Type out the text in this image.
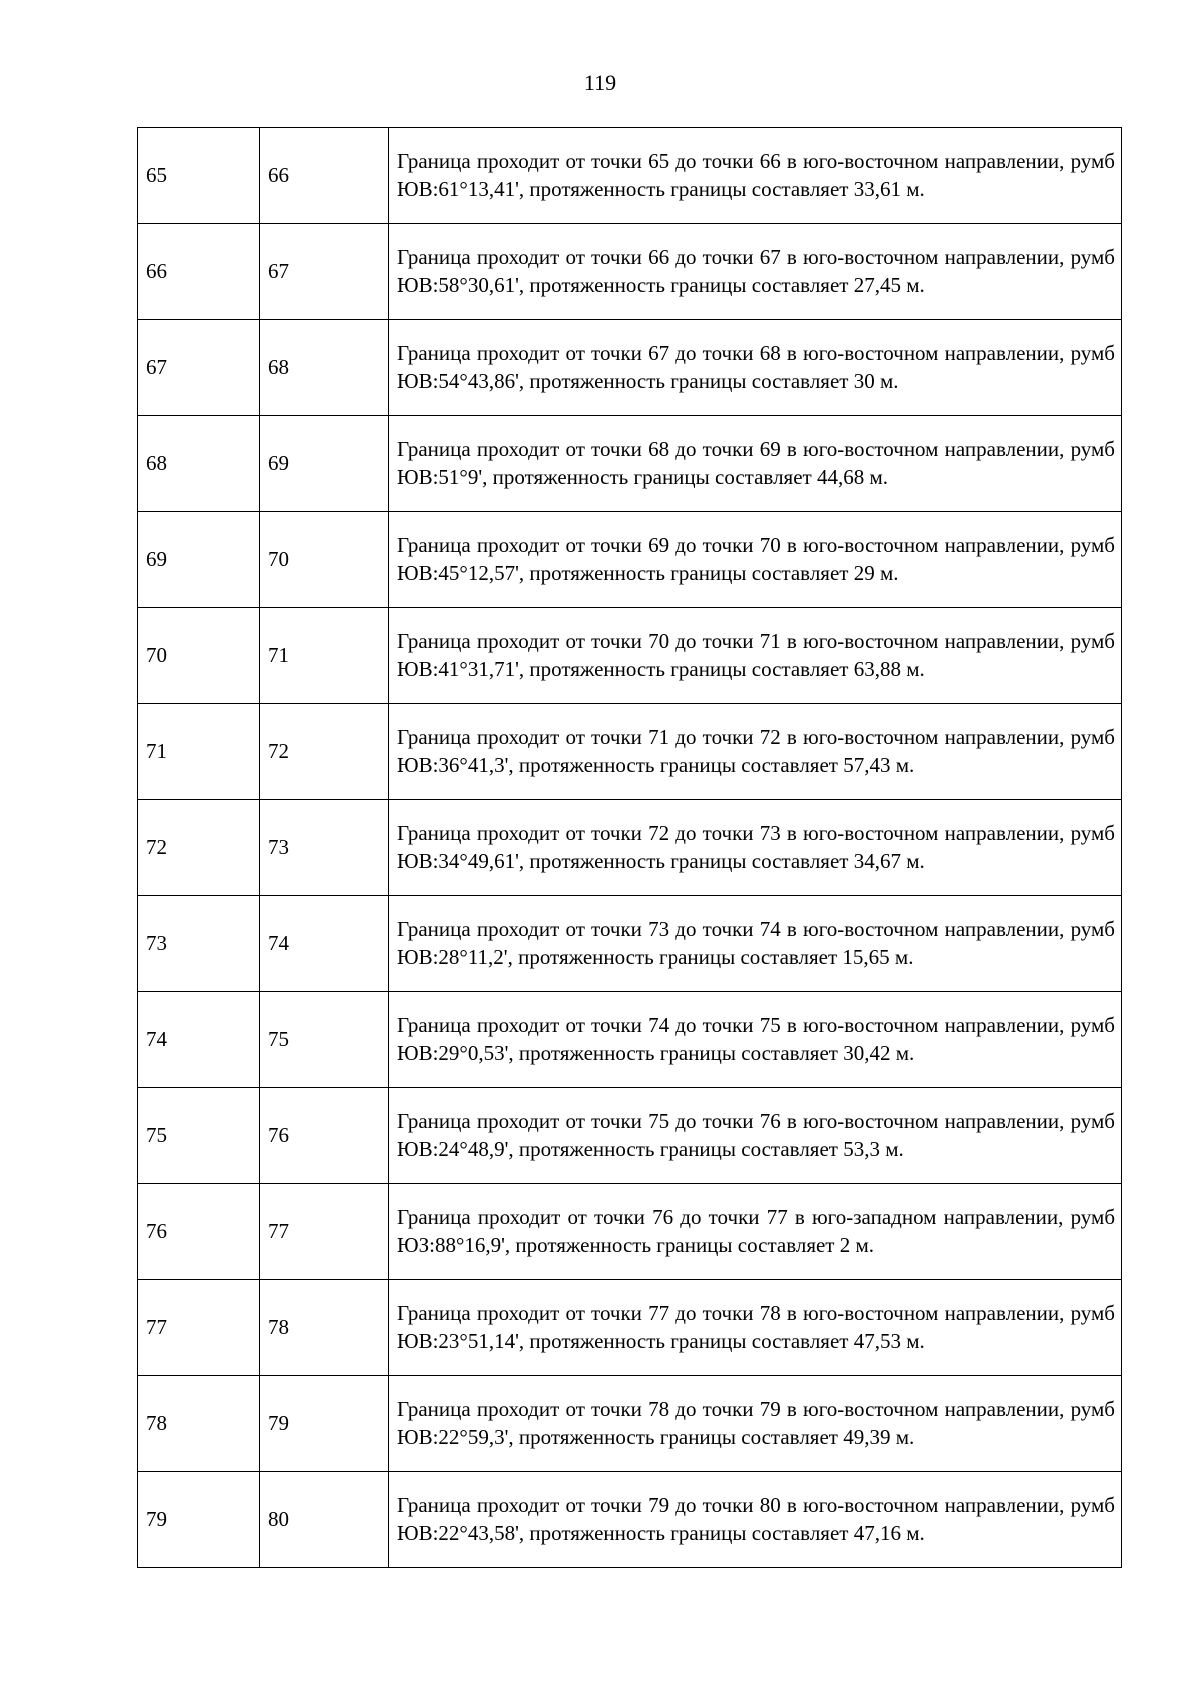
119
65	66	Граница проходит от точки 65 до точки 66 в юго-восточном направлении, румб ЮВ:61°13,41', протяженность границы составляет 33,61 м.
66	67	Граница проходит от точки 66 до точки 67 в юго-восточном направлении, румб ЮВ:58°30,61', протяженность границы составляет 27,45 м.
67	68	Граница проходит от точки 67 до точки 68 в юго-восточном направлении, румб ЮВ:54°43,86', протяженность границы составляет 30 м.
68	69	Граница проходит от точки 68 до точки 69 в юго-восточном направлении, румб ЮВ:51°9', протяженность границы составляет 44,68 м.
69	70	Граница проходит от точки 69 до точки 70 в юго-восточном направлении, румб ЮВ:45°12,57', протяженность границы составляет 29 м.
70	71	Граница проходит от точки 70 до точки 71 в юго-восточном направлении, румб ЮВ:41°31,71', протяженность границы составляет 63,88 м.
71	72	Граница проходит от точки 71 до точки 72 в юго-восточном направлении, румб ЮВ:36°41,3', протяженность границы составляет 57,43 м.
72	73	Граница проходит от точки 72 до точки 73 в юго-восточном направлении, румб ЮВ:34°49,61', протяженность границы составляет 34,67 м.
73	74	Граница проходит от точки 73 до точки 74 в юго-восточном направлении, румб ЮВ:28°11,2', протяженность границы составляет 15,65 м.
74	75	Граница проходит от точки 74 до точки 75 в юго-восточном направлении, румб ЮВ:29°0,53', протяженность границы составляет 30,42 м.
75	76	Граница проходит от точки 75 до точки 76 в юго-восточном направлении, румб ЮВ:24°48,9', протяженность границы составляет 53,3 м.
76	77	Граница проходит от точки 76 до точки 77 в юго-западном направлении, румб ЮЗ:88°16,9', протяженность границы составляет 2 м.
77	78	Граница проходит от точки 77 до точки 78 в юго-восточном направлении, румб ЮВ:23°51,14', протяженность границы составляет 47,53 м.
78	79	Граница проходит от точки 78 до точки 79 в юго-восточном направлении, румб ЮВ:22°59,3', протяженность границы составляет 49,39 м.
79	80	Граница проходит от точки 79 до точки 80 в юго-восточном направлении, румб ЮВ:22°43,58', протяженность границы составляет 47,16 м.
